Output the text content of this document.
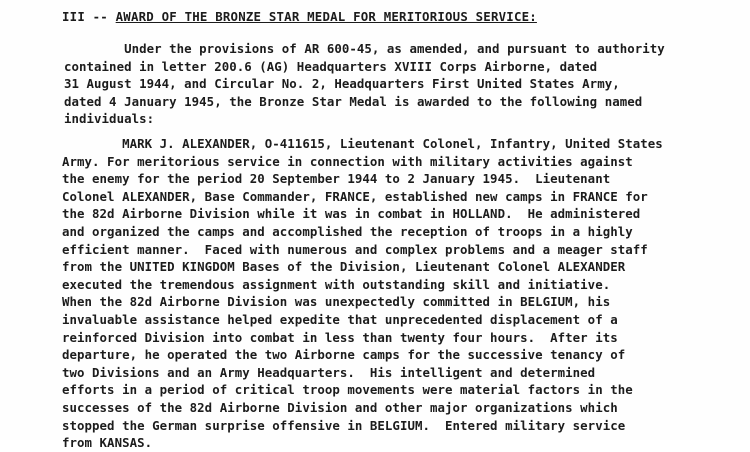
III -- AWARD OF THE BRONZE STAR MEDAL FOR MERITORIOUS SERVICE:
Under the provisions of AR 600-45, as amended, and pursuant to authority
contained in letter 200.6 (AG) Headquarters XVIII Corps Airborne, dated
31 August 1944, and Circular No. 2, Headquarters First United States Army,
dated 4 January 1945, the Bronze Star Medal is awarded to the following named
individuals:
MARK J. ALEXANDER, O-411615, Lieutenant Colonel, Infantry, United States
Army. For meritorious service in connection with military activities against
the enemy for the period 20 September 1944 to 2 January 1945.  Lieutenant
Colonel ALEXANDER, Base Commander, FRANCE, established new camps in FRANCE for
the 82d Airborne Division while it was in combat in HOLLAND.  He administered
and organized the camps and accomplished the reception of troops in a highly
efficient manner.  Faced with numerous and complex problems and a meager staff
from the UNITED KINGDOM Bases of the Division, Lieutenant Colonel ALEXANDER
executed the tremendous assignment with outstanding skill and initiative.
When the 82d Airborne Division was unexpectedly committed in BELGIUM, his
invaluable assistance helped expedite that unprecedented displacement of a
reinforced Division into combat in less than twenty four hours.  After its
departure, he operated the two Airborne camps for the successive tenancy of
two Divisions and an Army Headquarters.  His intelligent and determined
efforts in a period of critical troop movements were material factors in the
successes of the 82d Airborne Division and other major organizations which
stopped the German surprise offensive in BELGIUM.  Entered military service
from KANSAS.
